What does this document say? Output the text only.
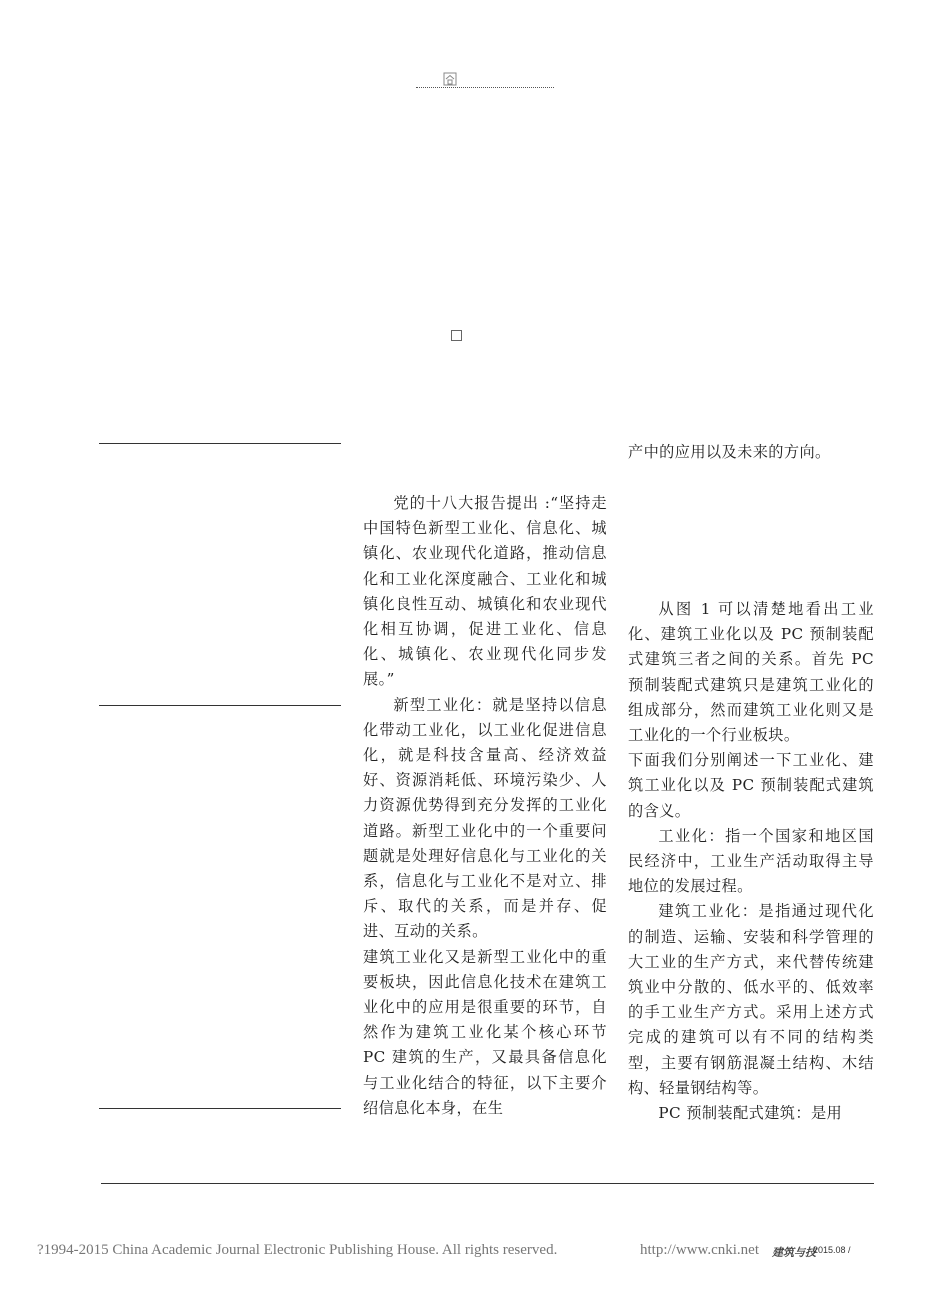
产中的应用以及未来的方向。

党的十八大报告提出 :“坚持走中国特色新型工业化、信息化、城镇化、农业现代化道路，推动信息化和工业化深度融合、工业化和城镇化良性互动、城镇化和农业现代化相互协调，促进工业化、信息化、城镇化、农业现代化同步发展。”

新型工业化：就是坚持以信息化带动工业化，以工业化促进信息化，就是科技含量高、经济效益好、资源消耗低、环境污染少、人力资源优势得到充分发挥的工业化道路。新型工业化中的一个重要问题就是处理好信息化与工业化的关系，信息化与工业化不是对立、排斥、取代的关系，而是并存、促进、互动的关系。

建筑工业化又是新型工业化中的重要板块，因此信息化技术在建筑工业化中的应用是很重要的环节，自然作为建筑工业化某个核心环节 PC 建筑的生产，又最具备信息化与工业化结合的特征，以下主要介绍信息化本身，在生

从图 1 可以清楚地看出工业化、建筑工业化以及 PC 预制装配式建筑三者之间的关系。首先 PC 预制装配式建筑只是建筑工业化的组成部分，然而建筑工业化则又是工业化的一个行业板块。

下面我们分别阐述一下工业化、建筑工业化以及 PC 预制装配式建筑的含义。

工业化：指一个国家和地区国民经济中，工业生产活动取得主导地位的发展过程。

建筑工业化：是指通过现代化的制造、运输、安装和科学管理的大工业的生产方式，来代替传统建筑业中分散的、低水平的、低效率的手工业生产方式。采用上述方式完成的建筑可以有不同的结构类型，主要有钢筋混凝土结构、木结构、轻量钢结构等。

PC 预制装配式建筑：是用

?1994-2015 China Academic Journal Electronic Publishing House. All rights reserved.	http://www.cnki.net 建筑与技
2015.08 /
